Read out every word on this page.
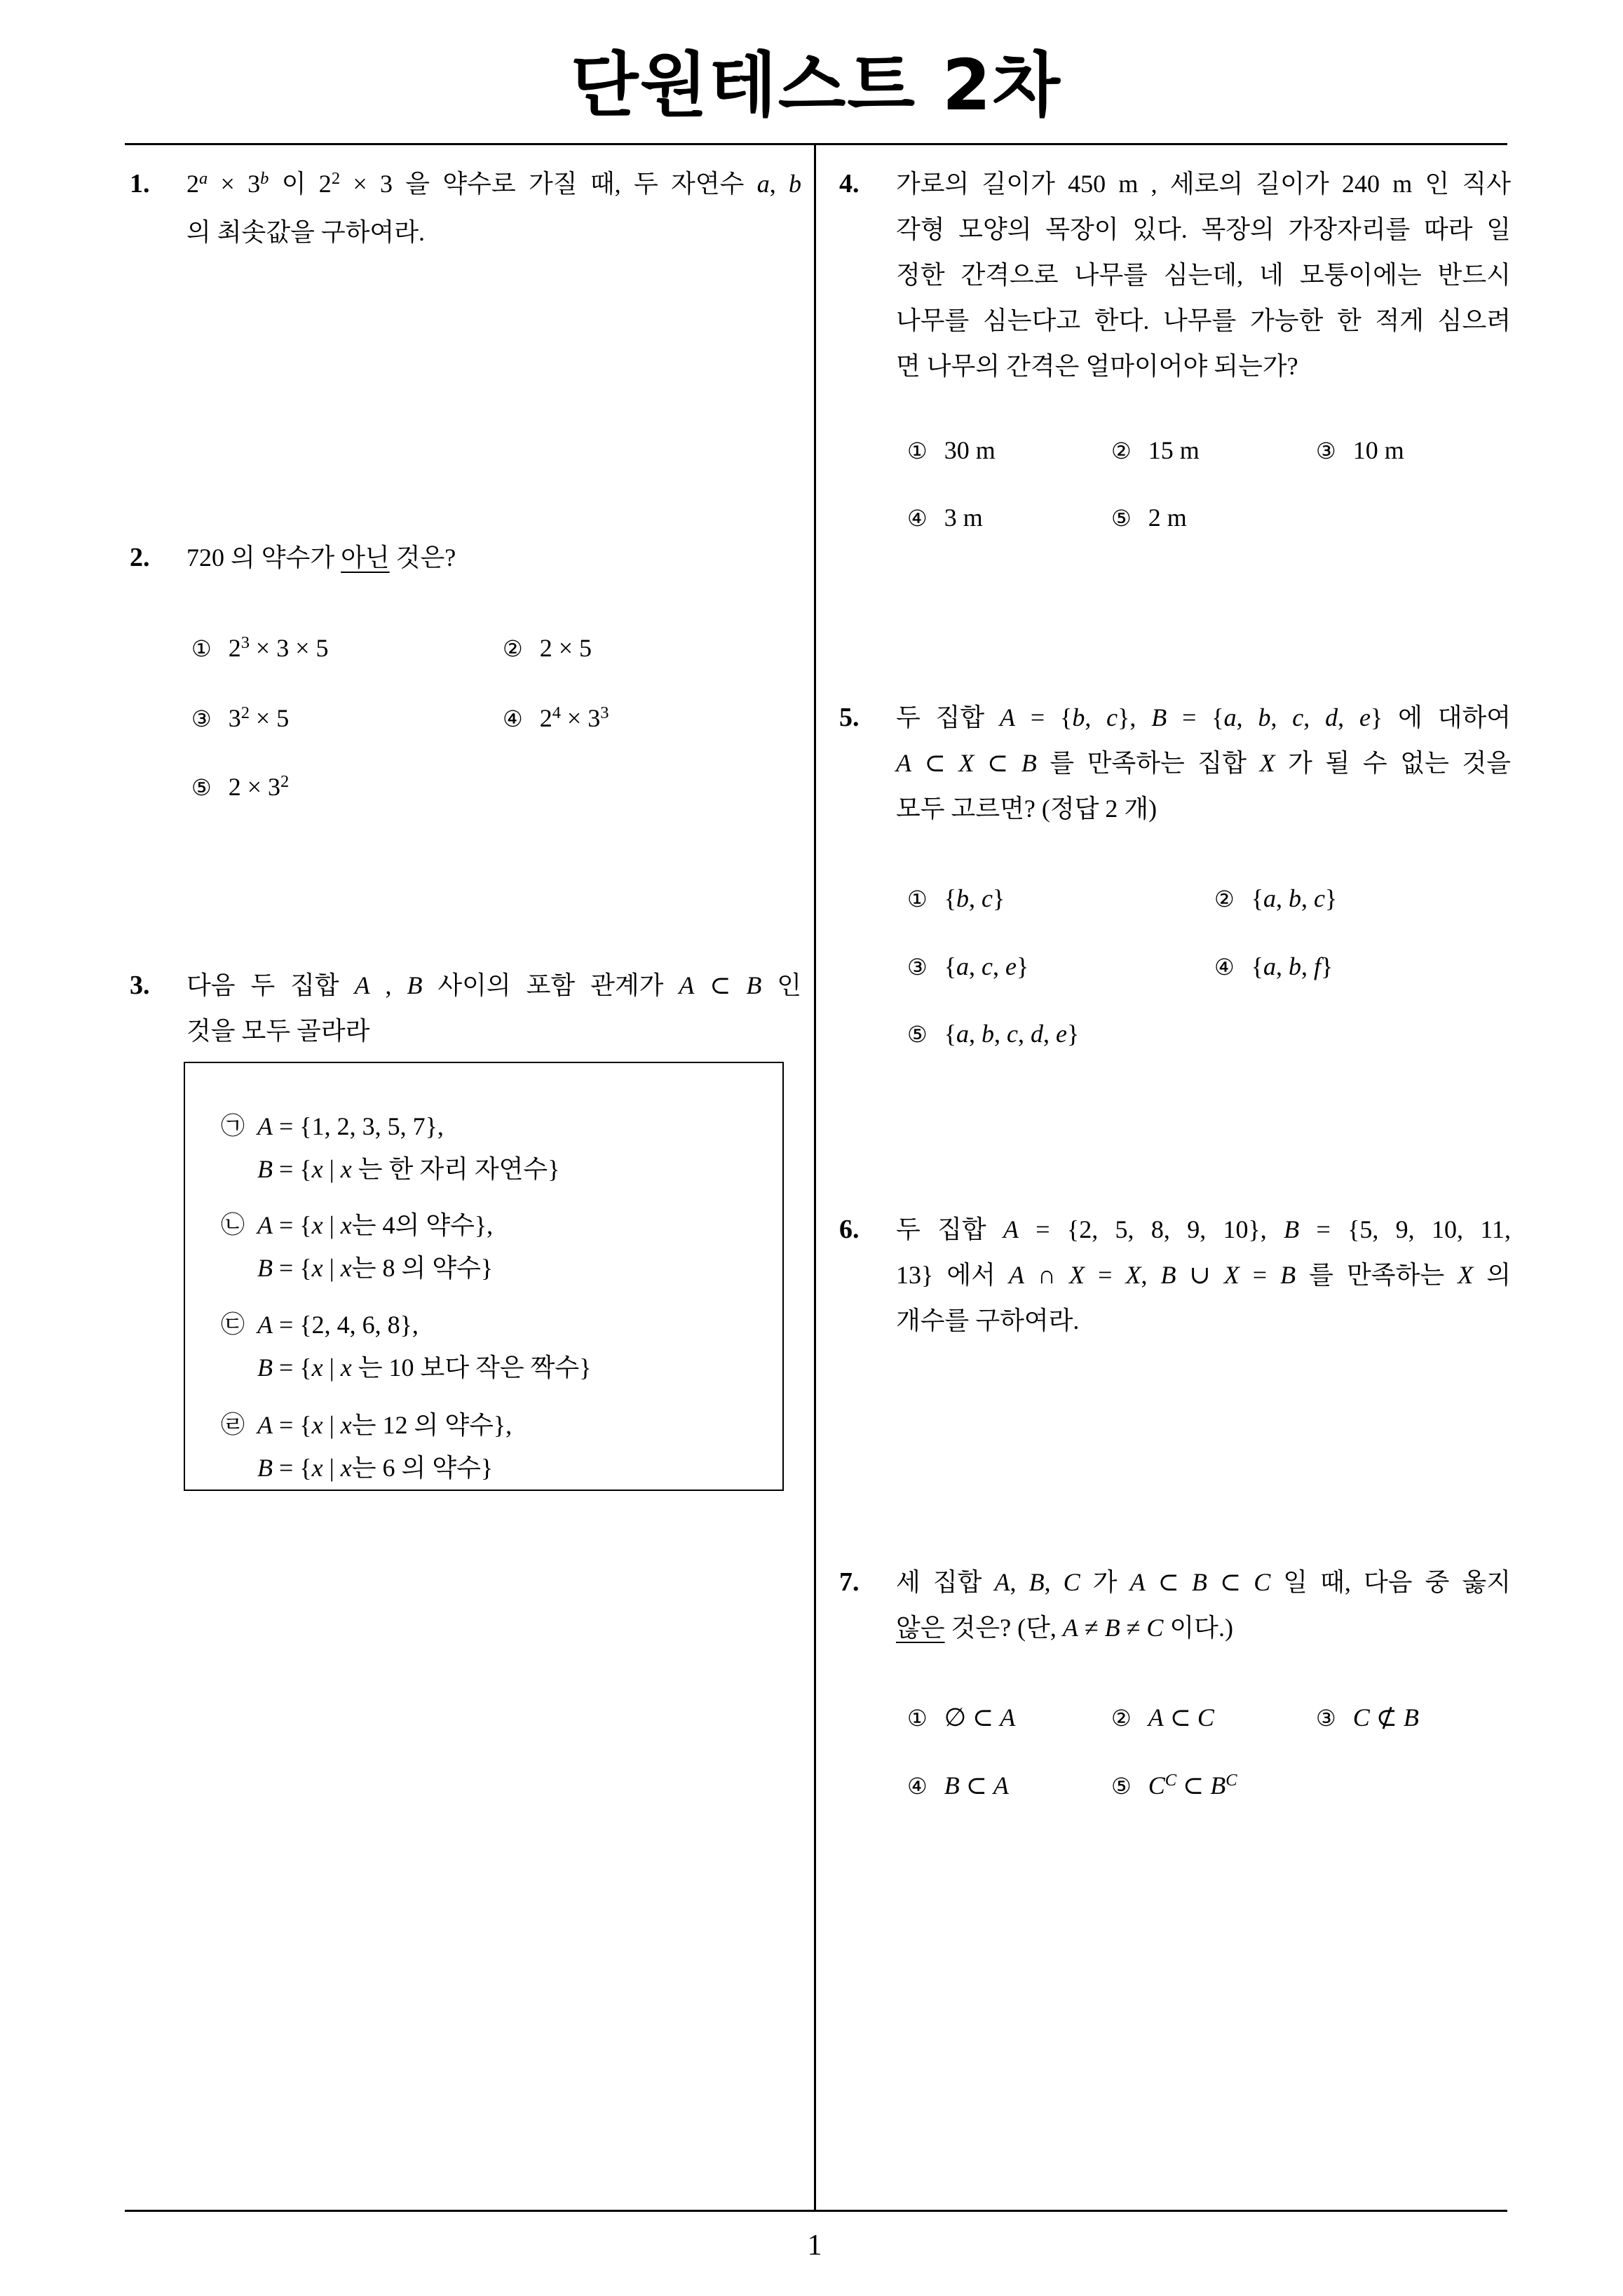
단원테스트 2차
1
1. $2^a \times 3^b$ 이 $2^2 \times 3$ 을 약수로 가질 때, 두 자연수 a, b
의 최솟값을 구하여라.
2. 720 의 약수가 아닌 것은?
① $2^3 \times 3 \times 5$	② 2 × 5
③ $3^2 \times 5$	④ $2^4 \times 3^3$
⑤ $2 \times 3^2$
3. 다음 두 집합 A , B 사이의 포함 관계가 A ⊂ B 인
것을 모두 골라라
㉠ A = {1, 2, 3, 5, 7},
B = {x | x 는 한 자리 자연수}
㉡ A = {x | x는 4의 약수},
B = {x | x는 8 의 약수}
㉢ A = {2, 4, 6, 8},
B = {x | x 는 10 보다 작은 짝수}
㉣ A = {x | x는 12 의 약수},
B = {x | x는 6 의 약수}
4. 가로의 길이가 450 m , 세로의 길이가 240 m 인 직사
각형 모양의 목장이 있다. 목장의 가장자리를 따라 일
정한 간격으로 나무를 심는데, 네 모퉁이에는 반드시
나무를 심는다고 한다. 나무를 가능한 한 적게 심으려
면 나무의 간격은 얼마이어야 되는가?
① 30 m	② 15 m	③ 10 m
④ 3 m	⑤ 2 m
5. 두 집합 A = {b, c}, B = {a, b, c, d, e} 에 대하여
A ⊂ X ⊂ B 를 만족하는 집합 X 가 될 수 없는 것을
모두 고르면? (정답 2 개)
① {b, c}	② {a, b, c}
③ {a, c, e}	④ {a, b, f}
⑤ {a, b, c, d, e}
6. 두 집합 A = {2, 5, 8, 9, 10}, B = {5, 9, 10, 11,
13} 에서 A ∩ X = X, B ∪ X = B 를 만족하는 X 의
개수를 구하여라.
7. 세 집합 A, B, C 가 A ⊂ B ⊂ C 일 때, 다음 중 옳지
않은 것은? (단, A ≠ B ≠ C 이다.)
① ∅ ⊂ A	② A ⊂ C	③ C ⊄ B
④ B ⊂ A	⑤ $C^C$ ⊂ $B^C$
